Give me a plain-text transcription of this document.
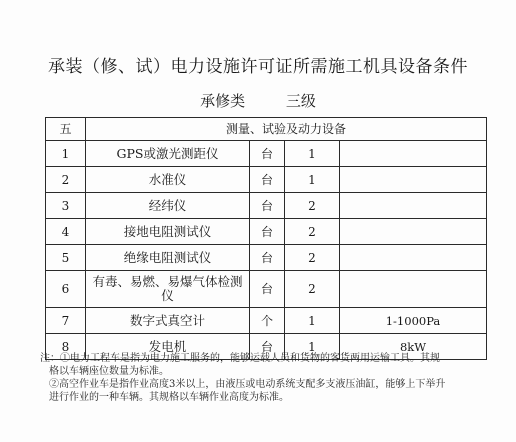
承装（修、试）电力设施许可证所需施工机具设备条件
承修类	三级
五	测量、试验及动力设备			
1	GPS或激光测距仪	台	1	
2	水准仪	台	1	
3	经纬仪	台	2	
4	接地电阻测试仪	台	2	
5	绝缘电阻测试仪	台	2	
6	有毒、易燃、易爆气体检测仪	台	2	
7	数字式真空计	个	1	1-1000Pa
8	发电机	台	1	8kW

注：①电力工程车是指为电力施工服务的，能够运载人员和货物的客货两用运输工具。其规

格以车辆座位数量为标准。

②高空作业车是指作业高度3米以上，由液压或电动系统支配多支液压油缸，能够上下举升

进行作业的一种车辆。其规格以车辆作业高度为标准。
